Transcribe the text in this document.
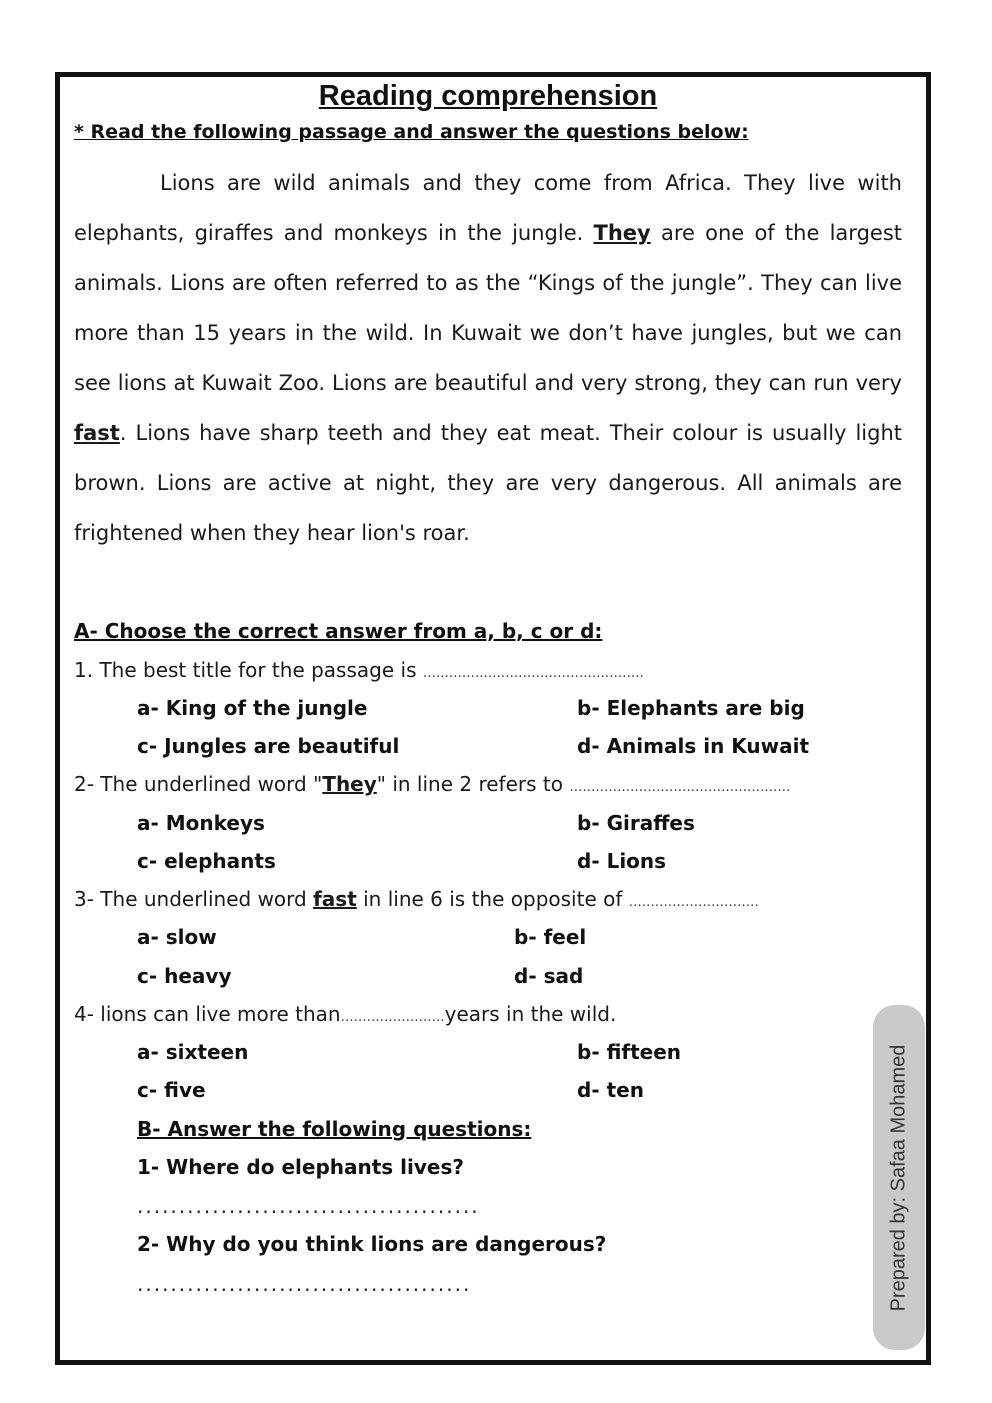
Reading comprehension
* Read the following passage and answer the questions below:
Lions are wild animals and they come from Africa. They live with elephants, giraffes and monkeys in the jungle. They are one of the largest animals. Lions are often referred to as the “Kings of the jungle”. They can live more than 15 years in the wild. In Kuwait we don’t have jungles, but we can see lions at Kuwait Zoo. Lions are beautiful and very strong, they can run very fast. Lions have sharp teeth and they eat meat. Their colour is usually light brown. Lions are active at night, they are very dangerous. All animals are frightened when they hear lion's roar.
A- Choose the correct answer from a, b, c or d:
1. The best title for the passage is ……………………………………………
a- King of the jungle	b- Elephants are big
c- Jungles are beautiful	d- Animals in Kuwait
2- The underlined word "They" in line 2 refers to ……………………………………………
a- Monkeys	b- Giraffes
c- elephants	d- Lions
3- The underlined word fast in line 6 is the opposite of …………………………
a- slow	b- feel
c- heavy	d- sad
4- lions can live more than……………………years in the wild.
a- sixteen	b- fifteen
c- five	d- ten
B- Answer the following questions:
1- Where do elephants lives?
.........................................
2- Why do you think lions are dangerous?
........................................	Prepared by: Safaa Mohamed
